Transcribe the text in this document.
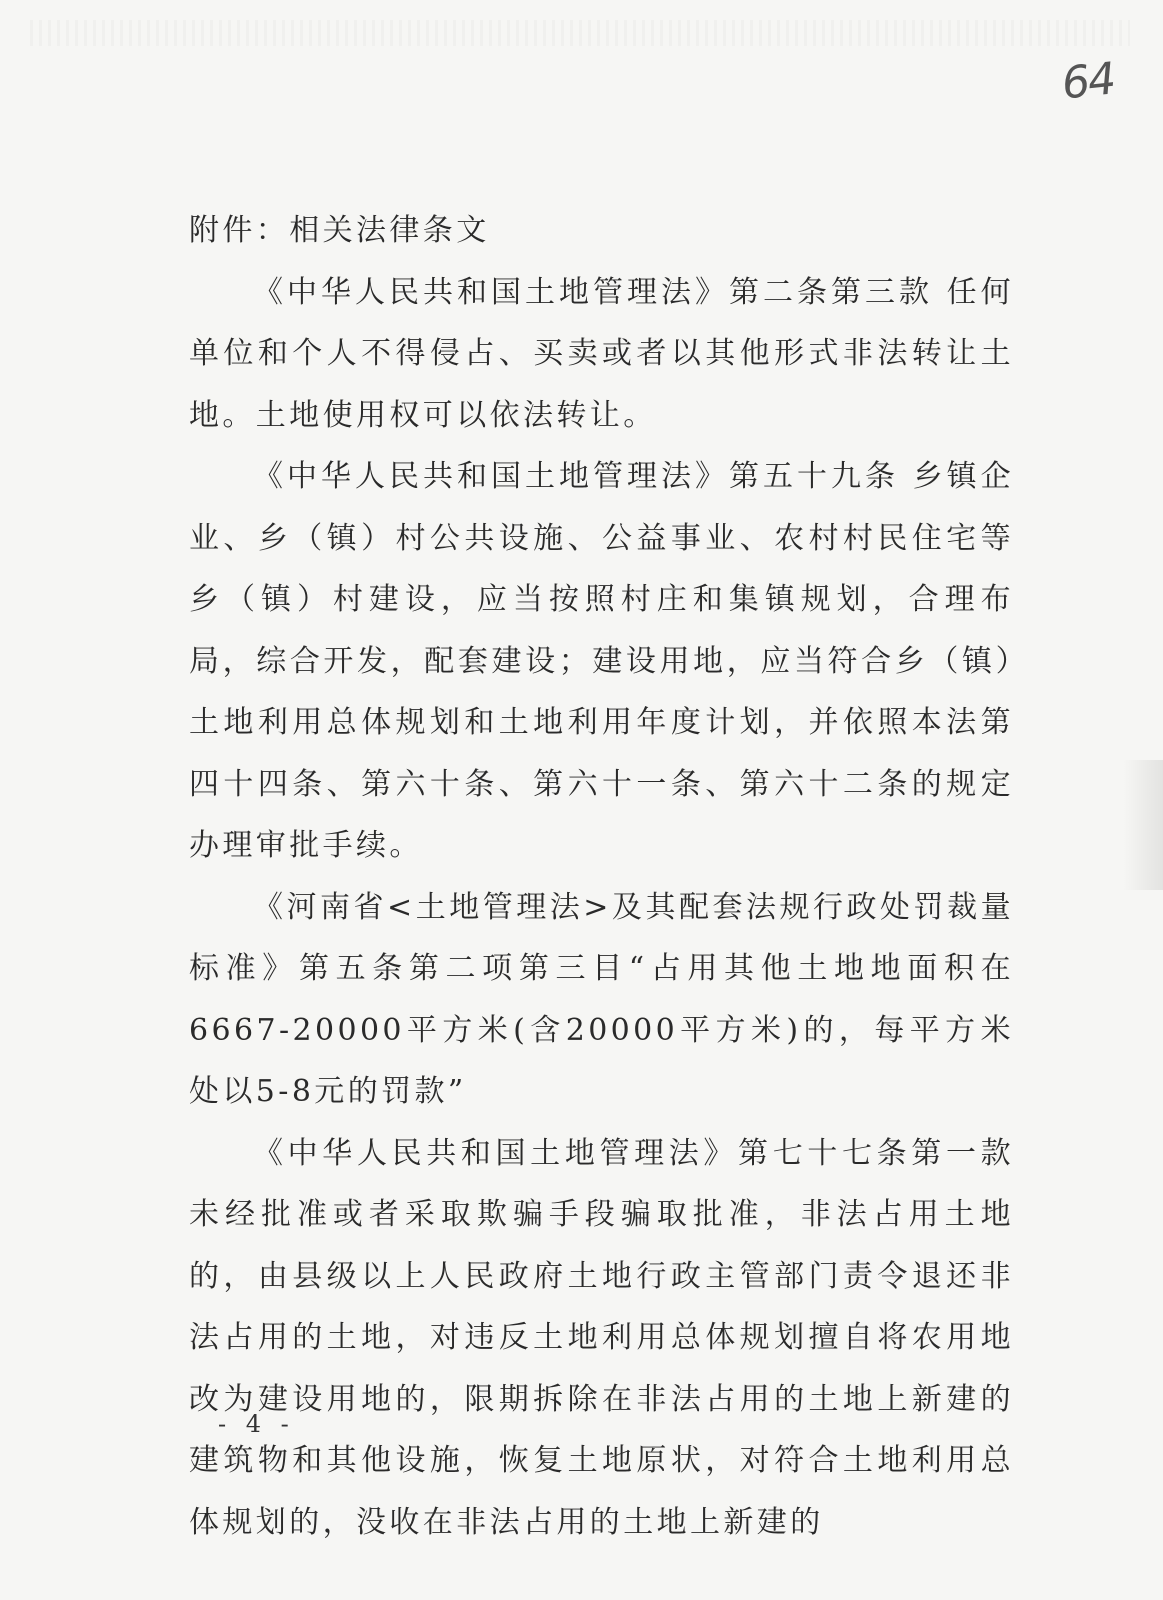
64

附件：相关法律条文

《中华人民共和国土地管理法》第二条第三款 任何单位和个人不得侵占、买卖或者以其他形式非法转让土地。土地使用权可以依法转让。

《中华人民共和国土地管理法》第五十九条 乡镇企业、乡（镇）村公共设施、公益事业、农村村民住宅等乡（镇）村建设，应当按照村庄和集镇规划，合理布局，综合开发，配套建设；建设用地，应当符合乡（镇）土地利用总体规划和土地利用年度计划，并依照本法第四十四条、第六十条、第六十一条、第六十二条的规定办理审批手续。

《河南省<土地管理法>及其配套法规行政处罚裁量标准》第五条第二项第三目“占用其他土地地面积在6667-20000平方米(含20000平方米)的，每平方米处以5-8元的罚款”

《中华人民共和国土地管理法》第七十七条第一款 未经批准或者采取欺骗手段骗取批准，非法占用土地的，由县级以上人民政府土地行政主管部门责令退还非法占用的土地，对违反土地利用总体规划擅自将农用地改为建设用地的，限期拆除在非法占用的土地上新建的建筑物和其他设施，恢复土地原状，对符合土地利用总体规划的，没收在非法占用的土地上新建的

- 4 -
